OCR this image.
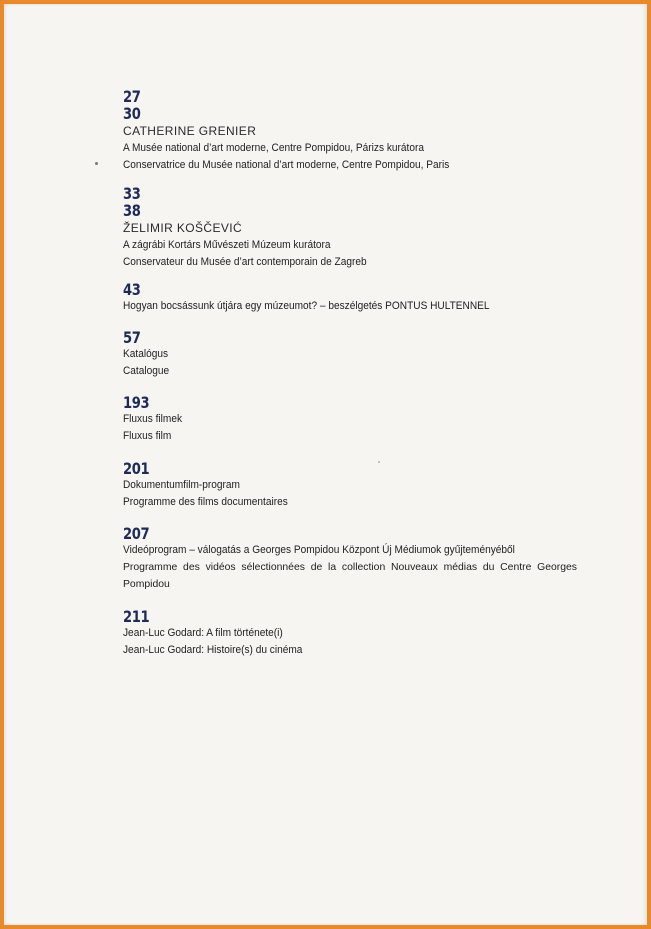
27
30
CATHERINE GRENIER
A Musée national d’art moderne, Centre Pompidou, Párizs kurátora
Conservatrice du Musée national d’art moderne, Centre Pompidou, Paris
33
38
ŽELIMIR KOŠČEVIĆ
A zágrábi Kortárs Művészeti Múzeum kurátora
Conservateur du Musée d’art contemporain de Zagreb
43
Hogyan bocsássunk útjára egy múzeumot? – beszélgetés PONTUS HULTENNEL
57
Katalógus
Catalogue
193
Fluxus filmek
Fluxus film
201
Dokumentumfilm-program
Programme des films documentaires
207
Videóprogram – válogatás a Georges Pompidou Központ Új Médiumok gyűjteményéből
Programme des vidéos sélectionnées de la collection Nouveaux médias du Centre Georges Pompidou
211
Jean-Luc Godard: A film története(i)
Jean-Luc Godard: Histoire(s) du cinéma
